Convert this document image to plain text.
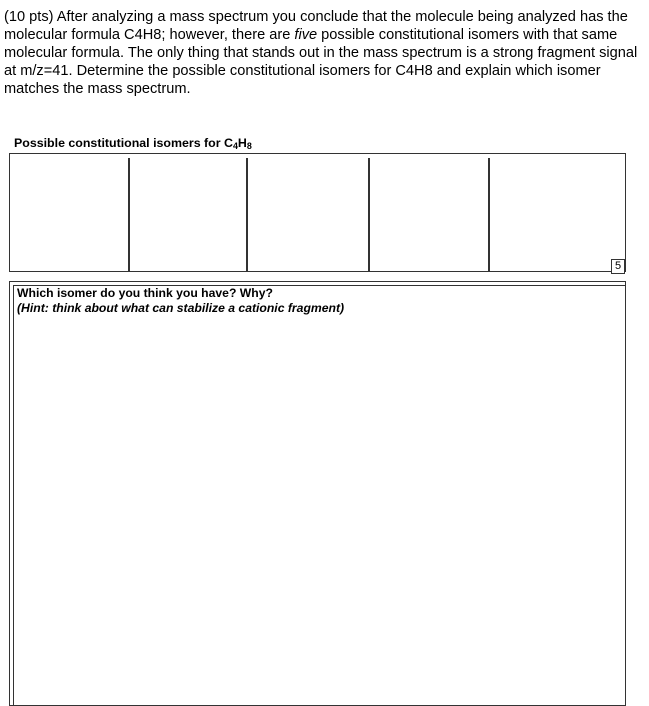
(10 pts) After analyzing a mass spectrum you conclude that the molecule being analyzed has the molecular formula C4H8; however, there are five possible constitutional isomers with that same molecular formula. The only thing that stands out in the mass spectrum is a strong fragment signal at m/z=41. Determine the possible constitutional isomers for C4H8 and explain which isomer matches the mass spectrum.

Possible constitutional isomers for $C_4H_8$

5

Which isomer do you think you have? Why?

(Hint: think about what can stabilize a cationic fragment)
